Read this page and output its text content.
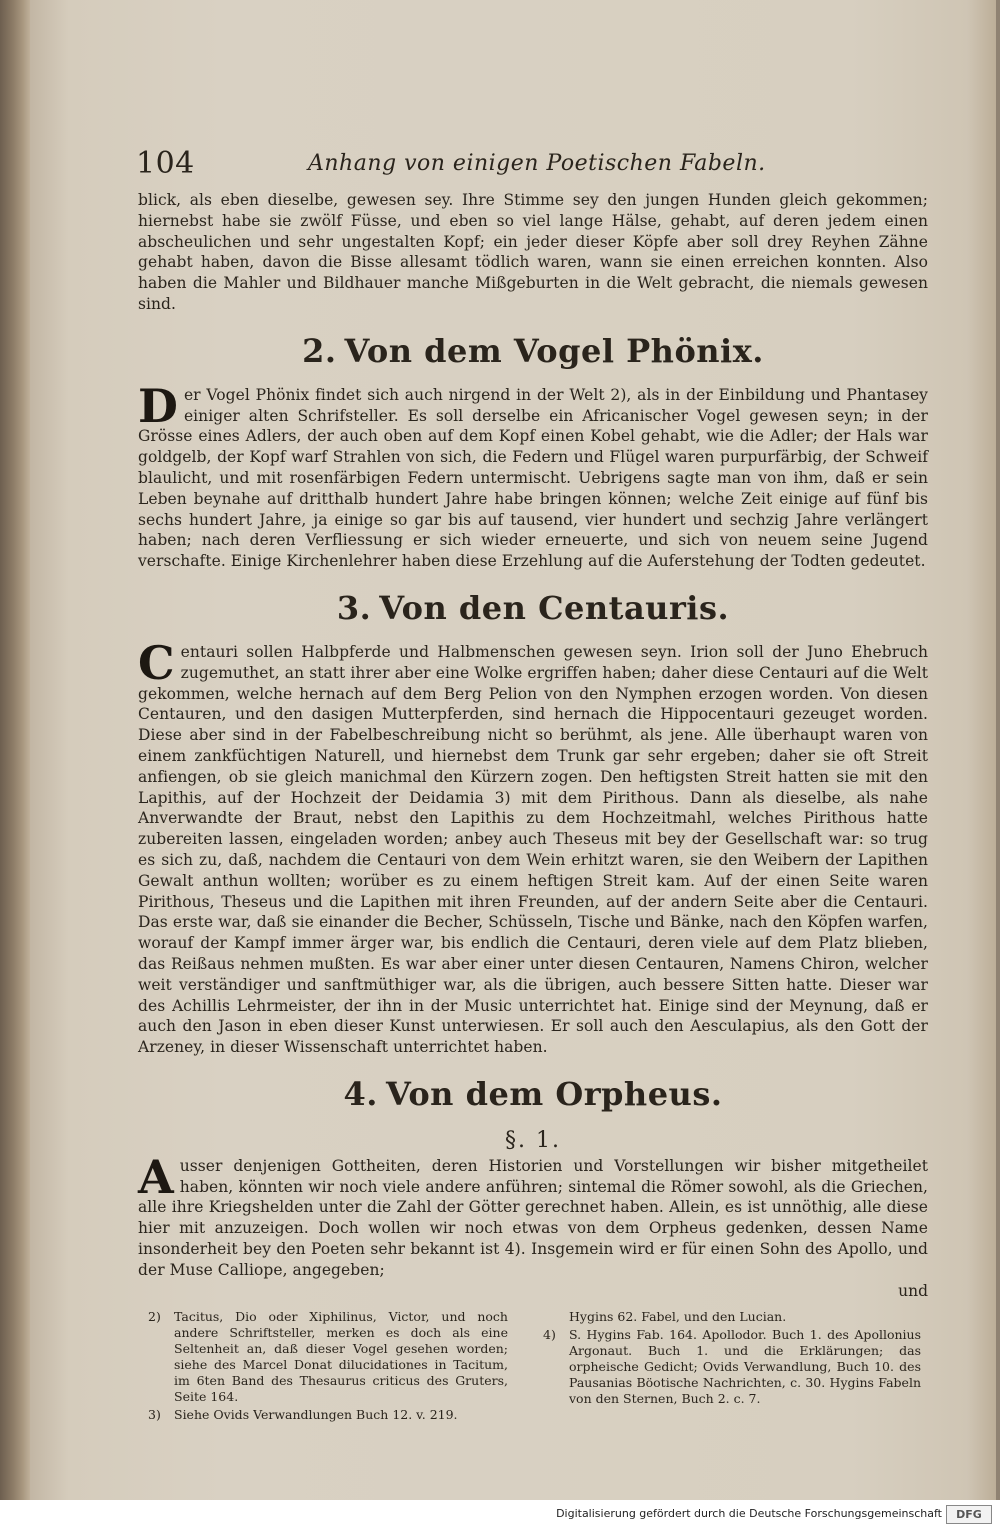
104	Anhang von einigen Poetischen Fabeln.

blick, als eben dieselbe, gewesen sey. Ihre Stimme sey den jungen Hunden gleich gekommen; hiernebst habe sie zwölf Füsse, und eben so viel lange Hälse, gehabt, auf deren jedem einen abscheulichen und sehr ungestalten Kopf; ein jeder dieser Köpfe aber soll drey Reyhen Zähne gehabt haben, davon die Bisse allesamt tödlich waren, wann sie einen erreichen konnten. Also haben die Mahler und Bildhauer manche Mißgeburten in die Welt gebracht, die niemals gewesen sind.

2. Von dem Vogel Phönix.

Der Vogel Phönix findet sich auch nirgend in der Welt 2), als in der Einbildung und Phantasey einiger alten Schrifsteller. Es soll derselbe ein Africanischer Vogel gewesen seyn; in der Grösse eines Adlers, der auch oben auf dem Kopf einen Kobel gehabt, wie die Adler; der Hals war goldgelb, der Kopf warf Strahlen von sich, die Federn und Flügel waren purpurfärbig, der Schweif blaulicht, und mit rosenfärbigen Federn untermischt. Uebrigens sagte man von ihm, daß er sein Leben beynahe auf dritthalb hundert Jahre habe bringen können; welche Zeit einige auf fünf bis sechs hundert Jahre, ja einige so gar bis auf tausend, vier hundert und sechzig Jahre verlängert haben; nach deren Verfliessung er sich wieder erneuerte, und sich von neuem seine Jugend verschafte. Einige Kirchenlehrer haben diese Erzehlung auf die Auferstehung der Todten gedeutet.

3. Von den Centauris.

Centauri sollen Halbpferde und Halbmenschen gewesen seyn. Irion soll der Juno Ehebruch zugemuthet, an statt ihrer aber eine Wolke ergriffen haben; daher diese Centauri auf die Welt gekommen, welche hernach auf dem Berg Pelion von den Nymphen erzogen worden. Von diesen Centauren, und den dasigen Mutterpferden, sind hernach die Hippocentauri gezeuget worden. Diese aber sind in der Fabelbeschreibung nicht so berühmt, als jene. Alle überhaupt waren von einem zankfüchtigen Naturell, und hiernebst dem Trunk gar sehr ergeben; daher sie oft Streit anfiengen, ob sie gleich manichmal den Kürzern zogen. Den heftigsten Streit hatten sie mit den Lapithis, auf der Hochzeit der Deidamia 3) mit dem Pirithous. Dann als dieselbe, als nahe Anverwandte der Braut, nebst den Lapithis zu dem Hochzeitmahl, welches Pirithous hatte zubereiten lassen, eingeladen worden; anbey auch Theseus mit bey der Gesellschaft war: so trug es sich zu, daß, nachdem die Centauri von dem Wein erhitzt waren, sie den Weibern der Lapithen Gewalt anthun wollten; worüber es zu einem heftigen Streit kam. Auf der einen Seite waren Pirithous, Theseus und die Lapithen mit ihren Freunden, auf der andern Seite aber die Centauri. Das erste war, daß sie einander die Becher, Schüsseln, Tische und Bänke, nach den Köpfen warfen, worauf der Kampf immer ärger war, bis endlich die Centauri, deren viele auf dem Platz blieben, das Reißaus nehmen mußten. Es war aber einer unter diesen Centauren, Namens Chiron, welcher weit verständiger und sanftmüthiger war, als die übrigen, auch bessere Sitten hatte. Dieser war des Achillis Lehrmeister, der ihn in der Music unterrichtet hat. Einige sind der Meynung, daß er auch den Jason in eben dieser Kunst unterwiesen. Er soll auch den Aesculapius, als den Gott der Arzeney, in dieser Wissenschaft unterrichtet haben.

4. Von dem Orpheus.
§. 1.

Ausser denjenigen Gottheiten, deren Historien und Vorstellungen wir bisher mitgetheilet haben, könnten wir noch viele andere anführen; sintemal die Römer sowohl, als die Griechen, alle ihre Kriegshelden unter die Zahl der Götter gerechnet haben. Allein, es ist unnöthig, alle diese hier mit anzuzeigen. Doch wollen wir noch etwas von dem Orpheus gedenken, dessen Name insonderheit bey den Poeten sehr bekannt ist 4). Insgemein wird er für einen Sohn des Apollo, und der Muse Calliope, angegeben;

und

2) Tacitus, Dio oder Xiphilinus, Victor, und noch andere Schriftsteller, merken es doch als eine Seltenheit an, daß dieser Vogel gesehen worden; siehe des Marcel Donat dilucidationes in Tacitum, im 6ten Band des Thesaurus criticus des Gruters, Seite 164.

3) Siehe Ovids Verwandlungen Buch 12. v. 219.

Hygins 62. Fabel, und den Lucian.

4) S. Hygins Fab. 164. Apollodor. Buch 1. des Apollonius Argonaut. Buch 1. und die Erklärungen; das orpheische Gedicht; Ovids Verwandlung, Buch 10. des Pausanias Böotische Nachrichten, c. 30. Hygins Fabeln von den Sternen, Buch 2. c. 7.

Digitalisierung gefördert durch die Deutsche Forschungsgemeinschaft	DFG
